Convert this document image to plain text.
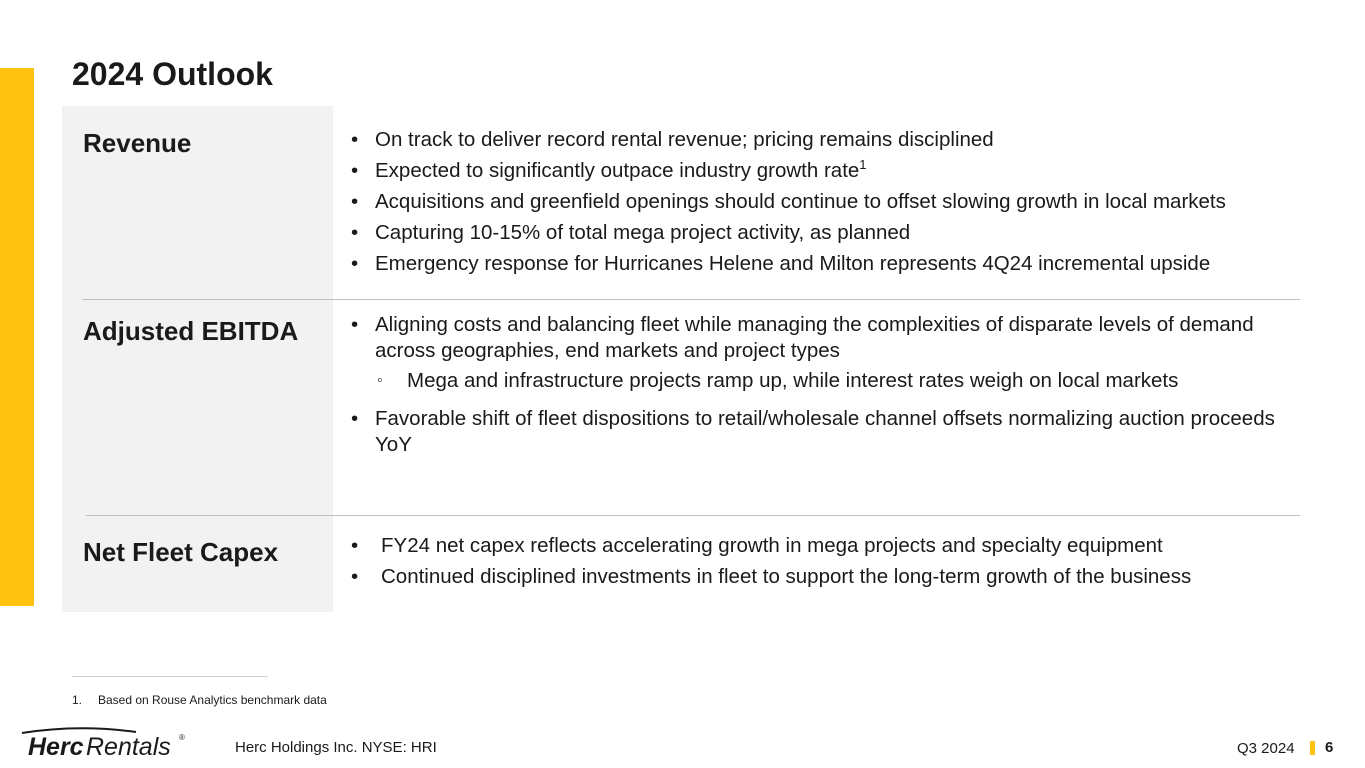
2024 Outlook
Revenue	• On track to deliver record rental revenue; pricing remains disciplined
• Expected to significantly outpace industry growth rate$^1$
• Acquisitions and greenfield openings should continue to offset slowing growth in local markets
• Capturing 10-15% of total mega project activity, as planned
• Emergency response for Hurricanes Helene and Milton represents 4Q24 incremental upside
Adjusted EBITDA	• Aligning costs and balancing fleet while managing the complexities of disparate levels of demand across geographies, end markets and project types
◦ Mega and infrastructure projects ramp up, while interest rates weigh on local markets
• Favorable shift of fleet dispositions to retail/wholesale channel offsets normalizing auction proceeds YoY
Net Fleet Capex	• FY24 net capex reflects accelerating growth in mega projects and specialty equipment
• Continued disciplined investments in fleet to support the long-term growth of the business
1. Based on Rouse Analytics benchmark data
Herc Rentals ®
Herc Holdings Inc. NYSE: HRI	Q3 2024 6
